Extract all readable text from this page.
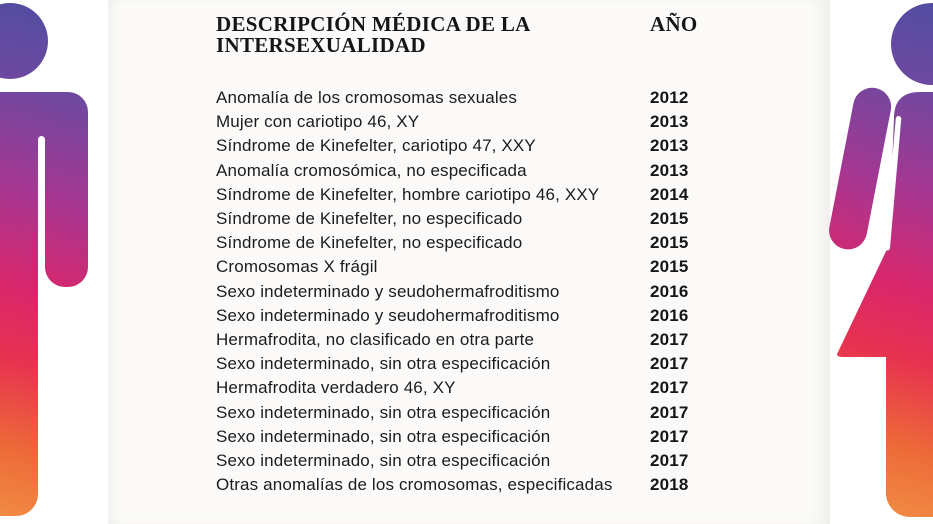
DESCRIPCIÓN MÉDICA DE LA
INTERSEXUALIDAD
AÑO
Anomalía de los cromosomas sexuales	2012
Mujer con cariotipo 46, XY	2013
Síndrome de Kinefelter, cariotipo 47, XXY	2013
Anomalía cromosómica, no especificada	2013
Síndrome de Kinefelter, hombre cariotipo 46, XXY	2014
Síndrome de Kinefelter, no especificado	2015
Síndrome de Kinefelter, no especificado	2015
Cromosomas X frágil	2015
Sexo indeterminado y seudohermafroditismo	2016
Sexo indeterminado y seudohermafroditismo	2016
Hermafrodita, no clasificado en otra parte	2017
Sexo indeterminado, sin otra especificación	2017
Hermafrodita verdadero 46, XY	2017
Sexo indeterminado, sin otra especificación	2017
Sexo indeterminado, sin otra especificación	2017
Sexo indeterminado, sin otra especificación	2017
Otras anomalías de los cromosomas, especificadas	2018
